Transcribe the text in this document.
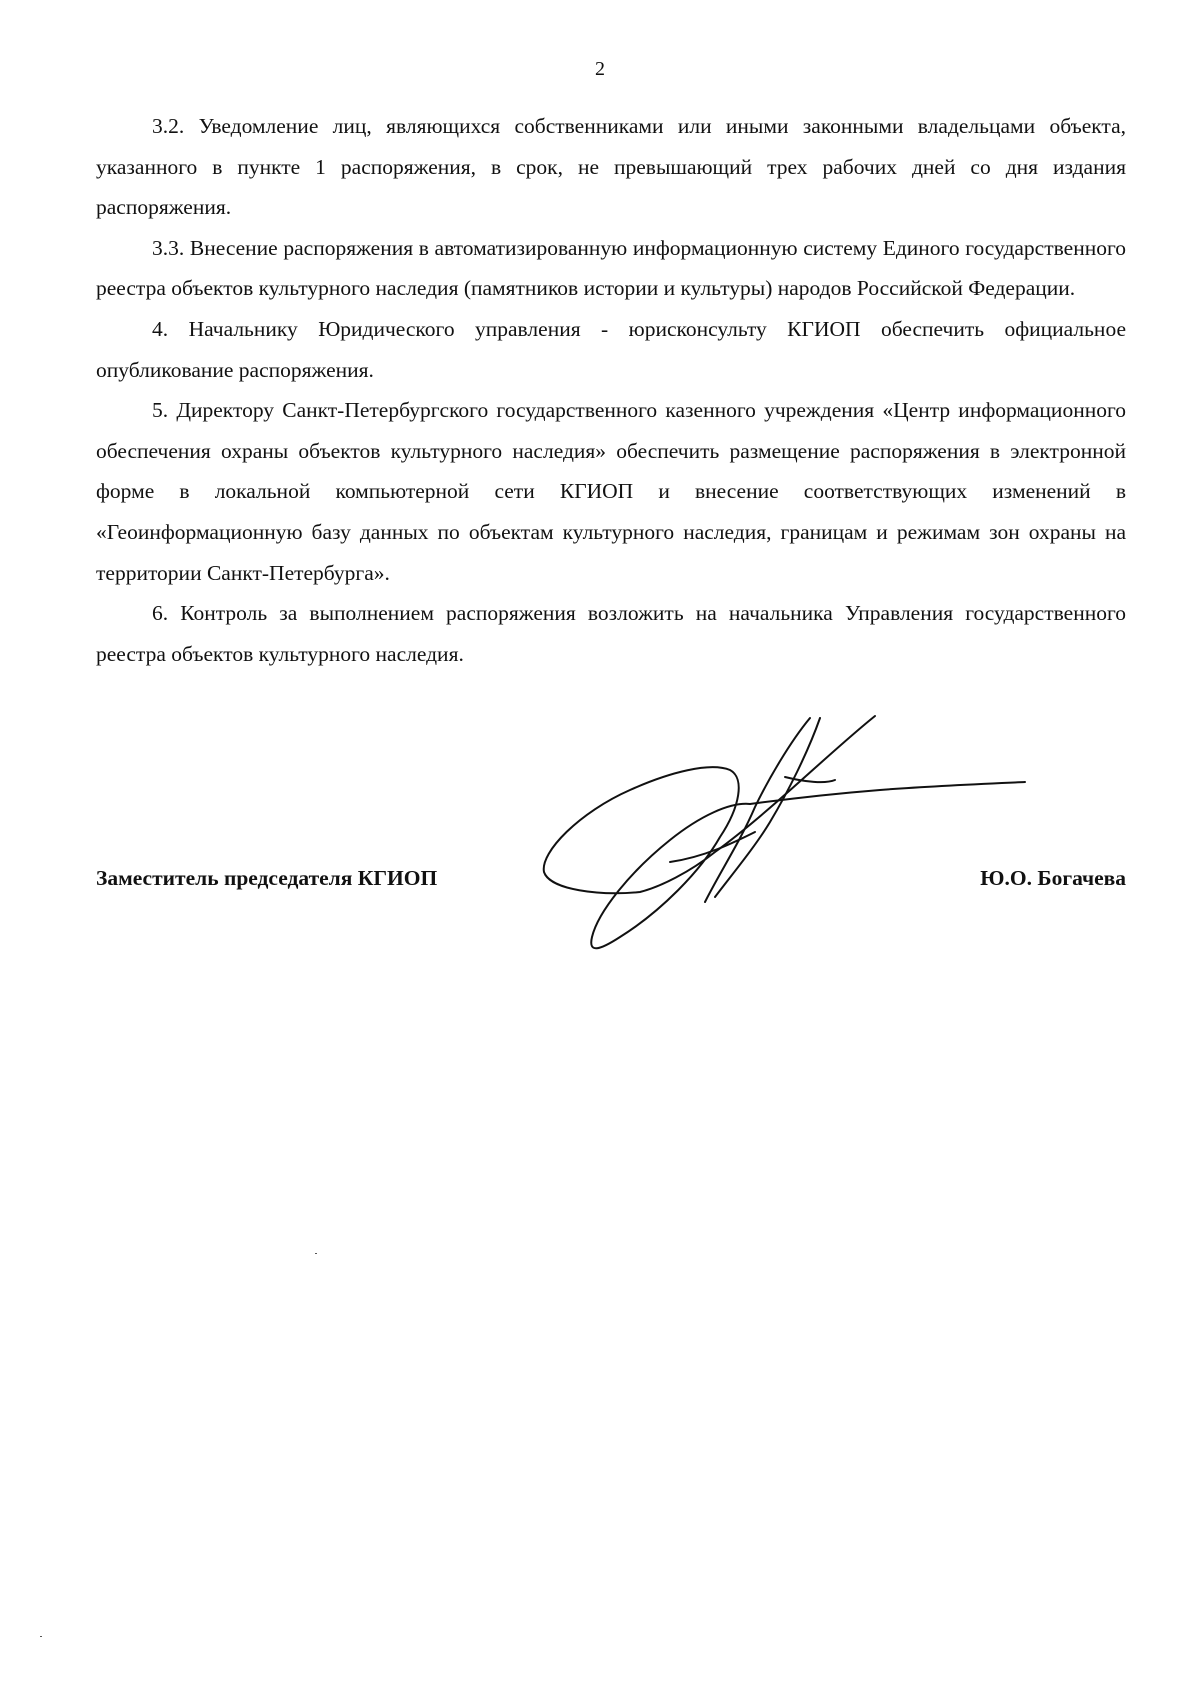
2

3.2. Уведомление лиц, являющихся собственниками или иными законными владельцами объекта, указанного в пункте 1 распоряжения, в срок, не превышающий трех рабочих дней со дня издания распоряжения.

3.3. Внесение распоряжения в автоматизированную информационную систему Единого государственного реестра объектов культурного наследия (памятников истории и культуры) народов Российской Федерации.

4. Начальнику Юридического управления - юрисконсульту КГИОП обеспечить официальное опубликование распоряжения.

5. Директору Санкт-Петербургского государственного казенного учреждения «Центр информационного обеспечения охраны объектов культурного наследия» обеспечить размещение распоряжения в электронной форме в локальной компьютерной сети КГИОП и внесение соответствующих изменений в «Геоинформационную базу данных по объектам культурного наследия, границам и режимам зон охраны на территории Санкт-Петербурга».

6. Контроль за выполнением распоряжения возложить на начальника Управления государственного реестра объектов культурного наследия.

Заместитель председателя КГИОП	Ю.О. Богачева
